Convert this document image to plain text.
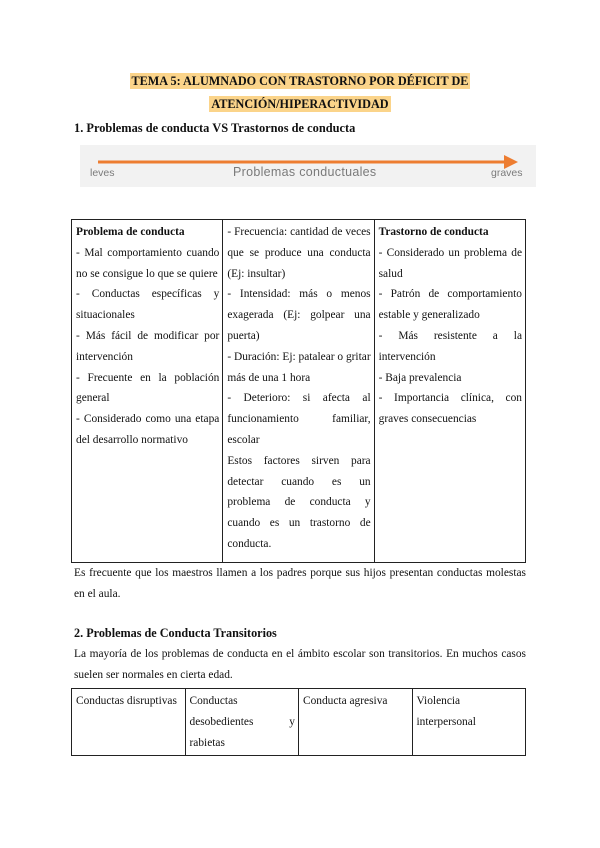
TEMA 5: ALUMNADO CON TRASTORNO POR DÉFICIT DE
ATENCIÓN/HIPERACTIVIDAD
1. Problemas de conducta VS Trastornos de conducta
leves	Problemas conductuales	graves
Problema de conducta
- Mal comportamiento cuando no se consigue lo que se quiere
- Conductas específicas y situacionales
- Más fácil de modificar por intervención
- Frecuente en la población general
- Considerado como una etapa del desarrollo normativo

- Frecuencia: cantidad de veces que se produce una conducta (Ej: insultar)
- Intensidad: más o menos exagerada (Ej: golpear una puerta)
- Duración: Ej: patalear o gritar más de una 1 hora
- Deterioro: si afecta al funcionamiento familiar, escolar
Estos factores sirven para detectar cuando es un problema de conducta y cuando es un trastorno de conducta.

Trastorno de conducta
- Considerado un problema de salud
- Patrón de comportamiento estable y generalizado
- Más resistente a la intervención
- Baja prevalencia
- Importancia clínica, con graves consecuencias
Es frecuente que los maestros llamen a los padres porque sus hijos presentan conductas molestas en el aula.
2. Problemas de Conducta Transitorios
La mayoría de los problemas de conducta en el ámbito escolar son transitorios. En muchos casos suelen ser normales en cierta edad.
Conductas disruptivas	Conductas desobedientes y rabietas	Conducta agresiva	Violencia interpersonal
